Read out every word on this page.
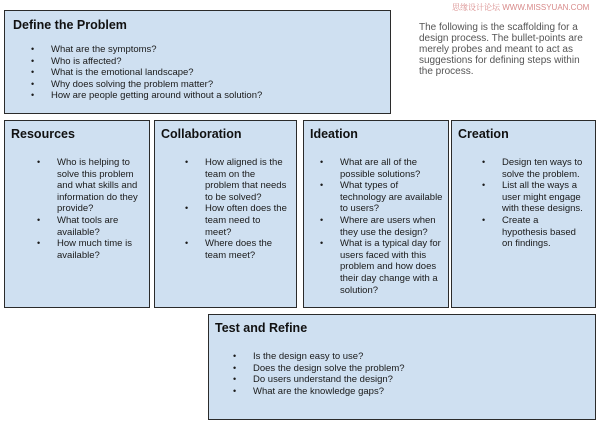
思缘设计论坛 WWW.MISSYUAN.COM
Define the Problem
• What are the symptoms?
• Who is affected?
• What is the emotional landscape?
• Why does solving the problem matter?
• How are people getting around without a solution?
The following is the scaffolding for a design process. The bullet-points are merely probes and meant to act as suggestions for defining steps within the process.
Resources
• Who is helping to solve this problem and what skills and information do they provide?
• What tools are available?
• How much time is available?
Collaboration
• How aligned is the team on the problem that needs to be solved?
• How often does the team need to meet?
• Where does the team meet?
Ideation
• What are all of the possible solutions?
• What types of technology are available to users?
• Where are users when they use the design?
• What is a typical day for users faced with this problem and how does their day change with a solution?
Creation
• Design ten ways to solve the problem.
• List all the ways a user might engage with these designs.
• Create a hypothesis based on findings.
Test and Refine
• Is the design easy to use?
• Does the design solve the problem?
• Do users understand the design?
• What are the knowledge gaps?
